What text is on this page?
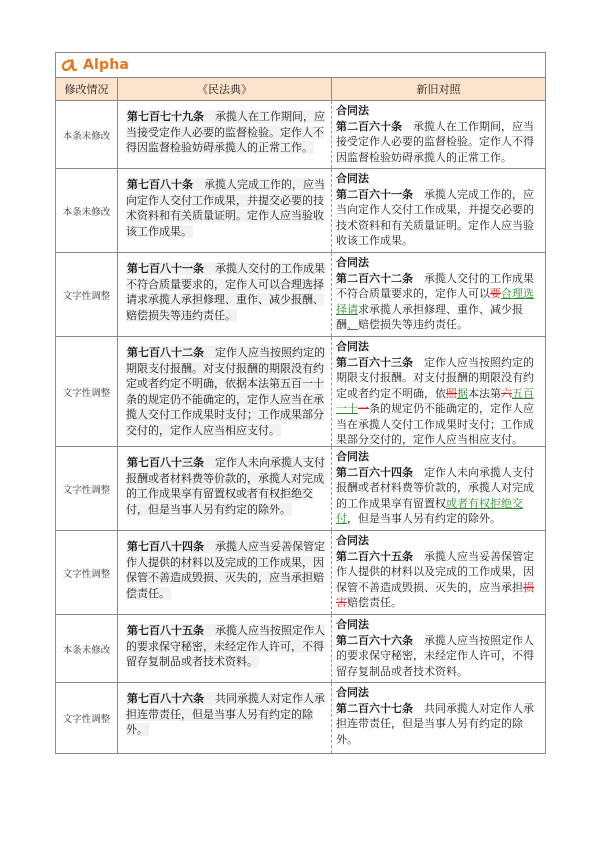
Alpha
修改情况	《民法典》	新旧对照
本条未修改
第七百七十九条　 承揽人在工作期间，应当接受定作人必要的监督检验。定作人不得因监督检验妨碍承揽人的正常工作。
合同法
第二百六十条　 承揽人在工作期间，应当接受定作人必要的监督检验。定作人不得因监督检验妨碍承揽人的正常工作。
本条未修改
第七百八十条　 承揽人完成工作的，应当向定作人交付工作成果，并提交必要的技术资料和有关质量证明。定作人应当验收该工作成果。
合同法
第二百六十一条　 承揽人完成工作的，应当向定作人交付工作成果，并提交必要的技术资料和有关质量证明。定作人应当验收该工作成果。
文字性调整
第七百八十一条　 承揽人交付的工作成果不符合质量要求的，定作人可以合理选择请求承揽人承担修理、重作、减少报酬、赔偿损失等违约责任。
合同法
第二百六十二条　 承揽人交付的工作成果不符合质量要求的，定作人可以要合理选择请求承揽人承担修理、重作、减少报酬、赔偿损失等违约责任。
文字性调整
第七百八十二条　 定作人应当按照约定的期限支付报酬。对支付报酬的期限没有约定或者约定不明确，依据本法第五百一十条的规定仍不能确定的，定作人应当在承揽人交付工作成果时支付；工作成果部分交付的，定作人应当相应支付。
合同法
第二百六十三条　 定作人应当按照约定的期限支付报酬。对支付报酬的期限没有约定或者约定不明确，依照据本法第六五百一十一条的规定仍不能确定的，定作人应当在承揽人交付工作成果时支付；工作成果部分交付的，定作人应当相应支付。
文字性调整
第七百八十三条　 定作人未向承揽人支付报酬或者材料费等价款的，承揽人对完成的工作成果享有留置权或者有权拒绝交付，但是当事人另有约定的除外。
合同法
第二百六十四条　 定作人未向承揽人支付报酬或者材料费等价款的，承揽人对完成的工作成果享有留置权或者有权拒绝交付，但是当事人另有约定的除外。
文字性调整
第七百八十四条　 承揽人应当妥善保管定作人提供的材料以及完成的工作成果，因保管不善造成毁损、灭失的，应当承担赔偿责任。
合同法
第二百六十五条　 承揽人应当妥善保管定作人提供的材料以及完成的工作成果，因保管不善造成毁损、灭失的，应当承担损害赔偿责任。
本条未修改
第七百八十五条　 承揽人应当按照定作人的要求保守秘密，未经定作人许可，不得留存复制品或者技术资料。
合同法
第二百六十六条　 承揽人应当按照定作人的要求保守秘密，未经定作人许可，不得留存复制品或者技术资料。
文字性调整
第七百八十六条　 共同承揽人对定作人承担连带责任，但是当事人另有约定的除外。
合同法
第二百六十七条　 共同承揽人对定作人承担连带责任，但是当事人另有约定的除外。
